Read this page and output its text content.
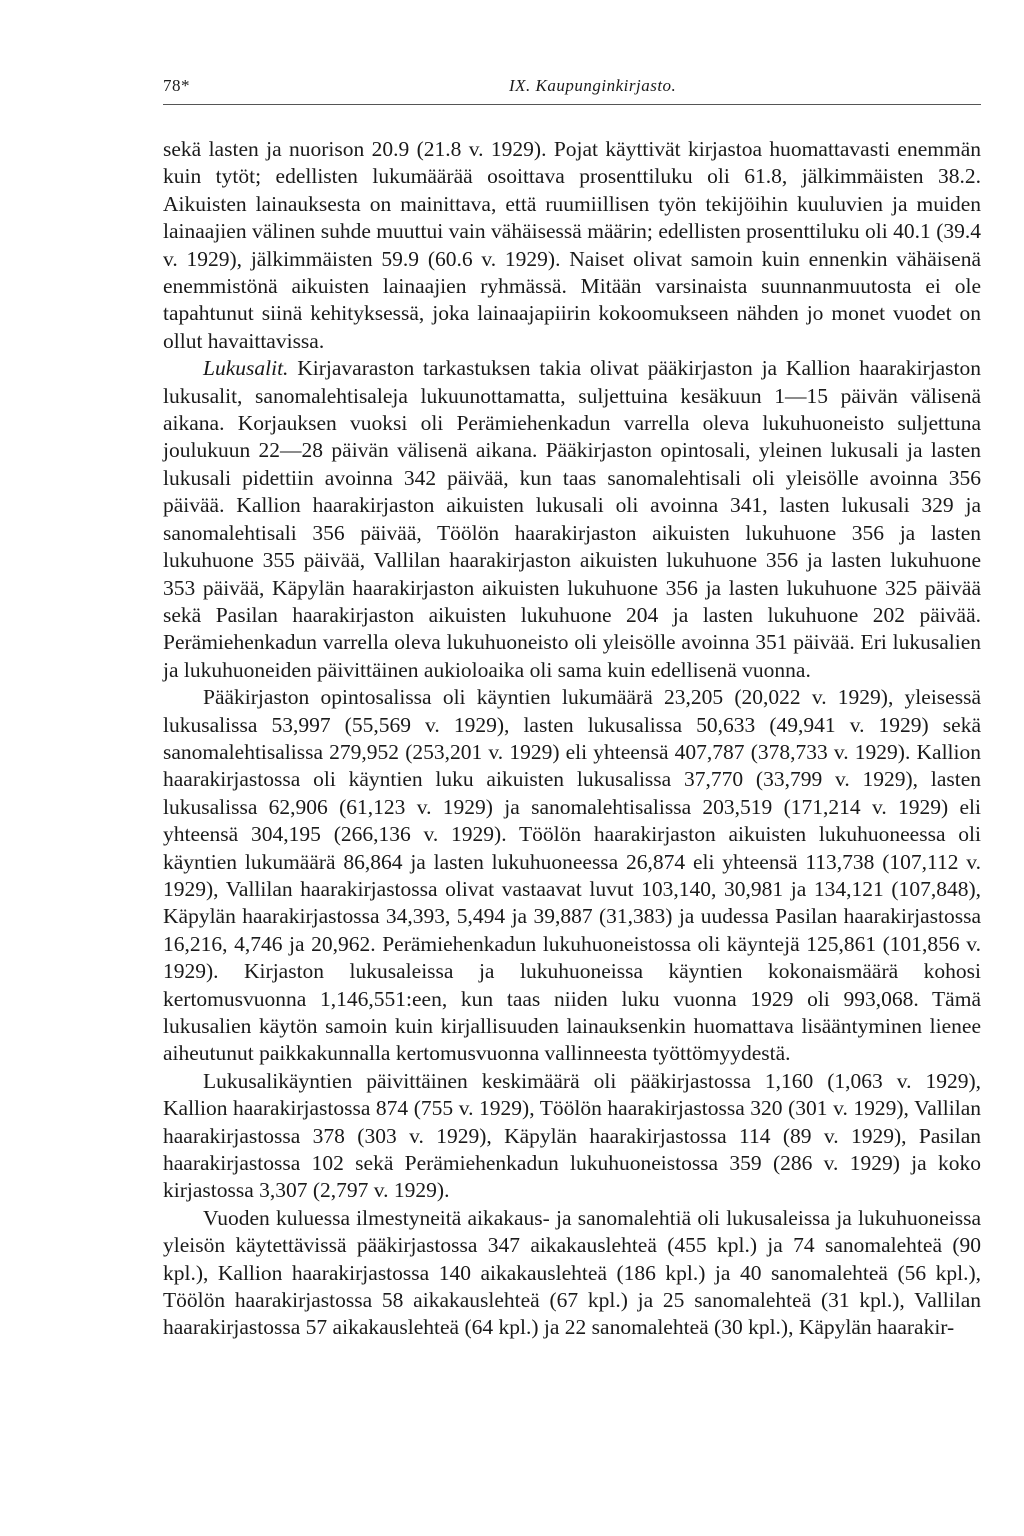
78*	IX. Kaupunginkirjasto.

sekä lasten ja nuorison 20.9 (21.8 v. 1929). Pojat käyttivät kirjastoa huomattavasti enemmän kuin tytöt; edellisten lukumäärää osoittava prosenttiluku oli 61.8, jälkimmäisten 38.2. Aikuisten lainauksesta on mainittava, että ruumiillisen työn tekijöihin kuuluvien ja muiden lainaajien välinen suhde muuttui vain vähäisessä määrin; edellisten prosenttiluku oli 40.1 (39.4 v. 1929), jälkimmäisten 59.9 (60.6 v. 1929). Naiset olivat samoin kuin ennenkin vähäisenä enemmistönä aikuisten lainaajien ryhmässä. Mitään varsinaista suunnanmuutosta ei ole tapahtunut siinä kehityksessä, joka lainaajapiirin kokoomukseen nähden jo monet vuodet on ollut havaittavissa.

Lukusalit. Kirjavaraston tarkastuksen takia olivat pääkirjaston ja Kallion haarakirjaston lukusalit, sanomalehtisaleja lukuunottamatta, suljettuina kesäkuun 1—15 päivän välisenä aikana. Korjauksen vuoksi oli Perämiehenkadun varrella oleva lukuhuoneisto suljettuna joulukuun 22—28 päivän välisenä aikana. Pääkirjaston opintosali, yleinen lukusali ja lasten lukusali pidettiin avoinna 342 päivää, kun taas sanomalehtisali oli yleisölle avoinna 356 päivää. Kallion haarakirjaston aikuisten lukusali oli avoinna 341, lasten lukusali 329 ja sanomalehtisali 356 päivää, Töölön haarakirjaston aikuisten lukuhuone 356 ja lasten lukuhuone 355 päivää, Vallilan haarakirjaston aikuisten lukuhuone 356 ja lasten lukuhuone 353 päivää, Käpylän haarakirjaston aikuisten lukuhuone 356 ja lasten lukuhuone 325 päivää sekä Pasilan haarakirjaston aikuisten lukuhuone 204 ja lasten lukuhuone 202 päivää. Perämiehenkadun varrella oleva lukuhuoneisto oli yleisölle avoinna 351 päivää. Eri lukusalien ja lukuhuoneiden päivittäinen aukioloaika oli sama kuin edellisenä vuonna.

Pääkirjaston opintosalissa oli käyntien lukumäärä 23,205 (20,022 v. 1929), yleisessä lukusalissa 53,997 (55,569 v. 1929), lasten lukusalissa 50,633 (49,941 v. 1929) sekä sanomalehtisalissa 279,952 (253,201 v. 1929) eli yhteensä 407,787 (378,733 v. 1929). Kallion haarakirjastossa oli käyntien luku aikuisten lukusalissa 37,770 (33,799 v. 1929), lasten lukusalissa 62,906 (61,123 v. 1929) ja sanomalehtisalissa 203,519 (171,214 v. 1929) eli yhteensä 304,195 (266,136 v. 1929). Töölön haarakirjaston aikuisten lukuhuoneessa oli käyntien lukumäärä 86,864 ja lasten lukuhuoneessa 26,874 eli yhteensä 113,738 (107,112 v. 1929), Vallilan haarakirjastossa olivat vastaavat luvut 103,140, 30,981 ja 134,121 (107,848), Käpylän haarakirjastossa 34,393, 5,494 ja 39,887 (31,383) ja uudessa Pasilan haarakirjastossa 16,216, 4,746 ja 20,962. Perämiehenkadun lukuhuoneistossa oli käyntejä 125,861 (101,856 v. 1929). Kirjaston lukusaleissa ja lukuhuoneissa käyntien kokonaismäärä kohosi kertomusvuonna 1,146,551:een, kun taas niiden luku vuonna 1929 oli 993,068. Tämä lukusalien käytön samoin kuin kirjallisuuden lainauksenkin huomattava lisääntyminen lienee aiheutunut paikkakunnalla kertomusvuonna vallinneesta työttömyydestä.

Lukusalikäyntien päivittäinen keskimäärä oli pääkirjastossa 1,160 (1,063 v. 1929), Kallion haarakirjastossa 874 (755 v. 1929), Töölön haarakirjastossa 320 (301 v. 1929), Vallilan haarakirjastossa 378 (303 v. 1929), Käpylän haarakirjastossa 114 (89 v. 1929), Pasilan haarakirjastossa 102 sekä Perämiehenkadun lukuhuoneistossa 359 (286 v. 1929) ja koko kirjastossa 3,307 (2,797 v. 1929).

Vuoden kuluessa ilmestyneitä aikakaus- ja sanomalehtiä oli lukusaleissa ja lukuhuoneissa yleisön käytettävissä pääkirjastossa 347 aikakauslehteä (455 kpl.) ja 74 sanomalehteä (90 kpl.), Kallion haarakirjastossa 140 aikakauslehteä (186 kpl.) ja 40 sanomalehteä (56 kpl.), Töölön haarakirjastossa 58 aikakauslehteä (67 kpl.) ja 25 sanomalehteä (31 kpl.), Vallilan haarakirjastossa 57 aikakauslehteä (64 kpl.) ja 22 sanomalehteä (30 kpl.), Käpylän haarakir-
